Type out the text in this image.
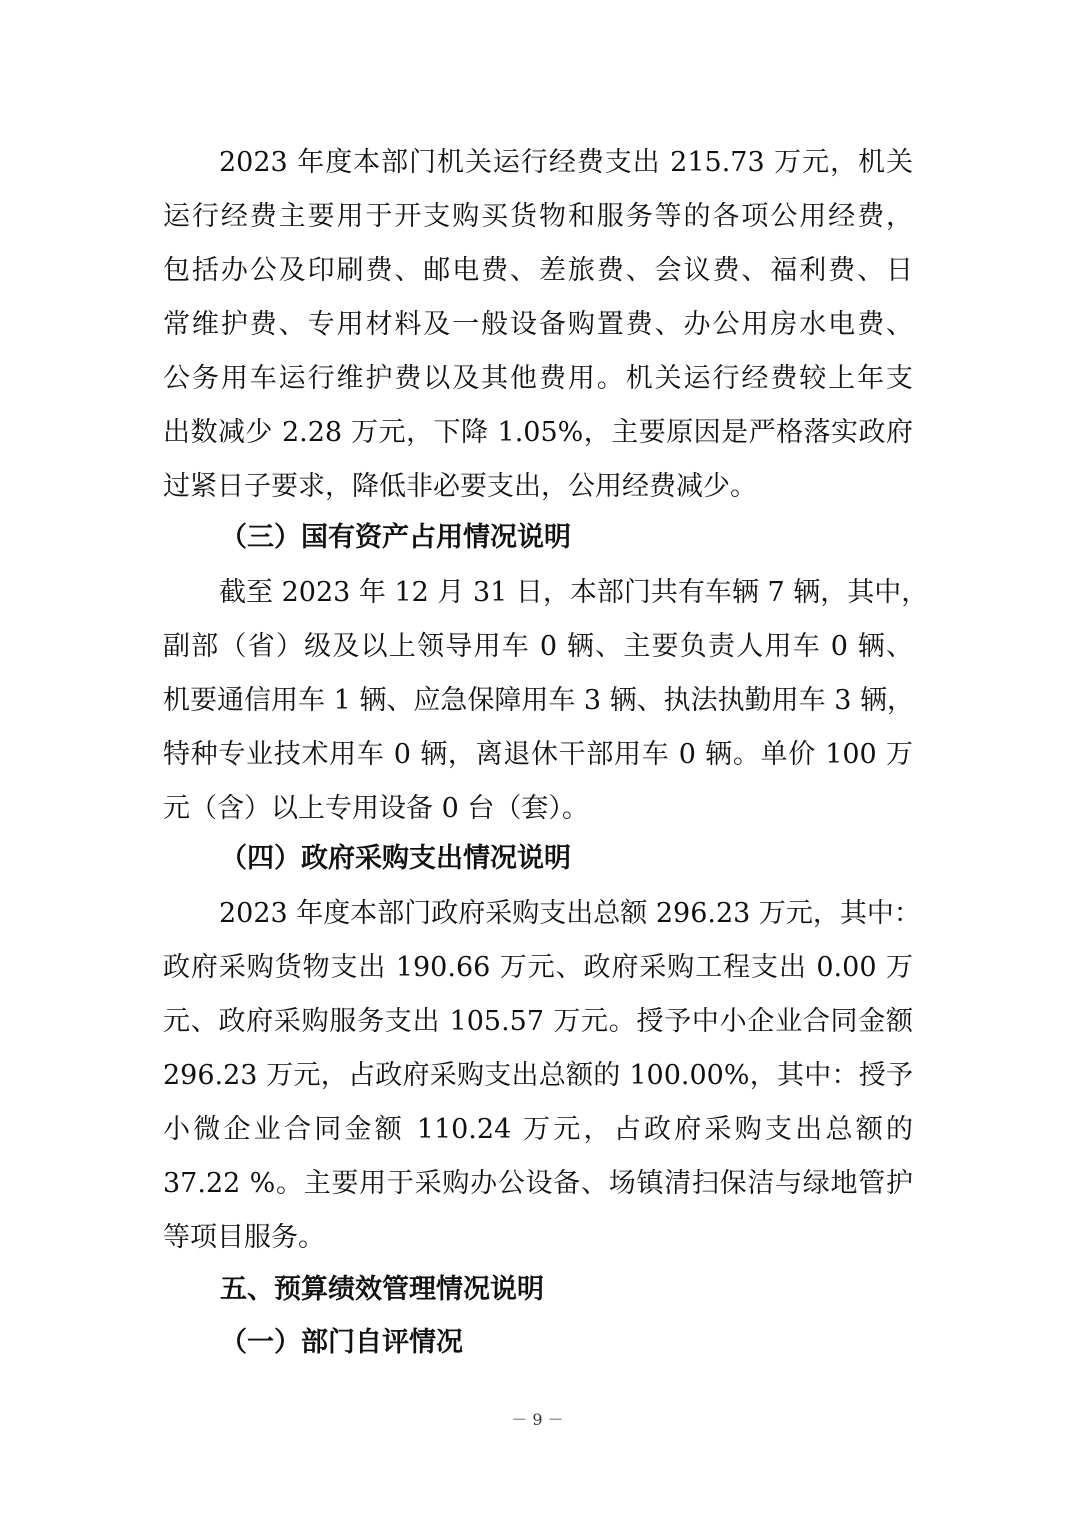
2023 年度本部门机关运行经费支出 215.73 万元，机关
运行经费主要用于开支购买货物和服务等的各项公用经费，
包括办公及印刷费、邮电费、差旅费、会议费、福利费、日
常维护费、专用材料及一般设备购置费、办公用房水电费、
公务用车运行维护费以及其他费用。机关运行经费较上年支
出数减少 2.28 万元，下降 1.05%，主要原因是严格落实政府
过紧日子要求，降低非必要支出，公用经费减少。
（三）国有资产占用情况说明
截至 2023 年 12 月 31 日，本部门共有车辆 7 辆，其中，
副部（省）级及以上领导用车 0 辆、主要负责人用车 0 辆、
机要通信用车 1 辆、应急保障用车 3 辆、执法执勤用车 3 辆，
特种专业技术用车 0 辆，离退休干部用车 0 辆。单价 100 万
元（含）以上专用设备 0 台（套）。
（四）政府采购支出情况说明
2023 年度本部门政府采购支出总额 296.23 万元，其中：
政府采购货物支出 190.66 万元、政府采购工程支出 0.00 万
元、政府采购服务支出 105.57 万元。授予中小企业合同金额
296.23 万元，占政府采购支出总额的 100.00%，其中：授予
小微企业合同金额 110.24 万元，占政府采购支出总额的
37.22 %。主要用于采购办公设备、场镇清扫保洁与绿地管护
等项目服务。
五、预算绩效管理情况说明
（一）部门自评情况
－ 9 －
